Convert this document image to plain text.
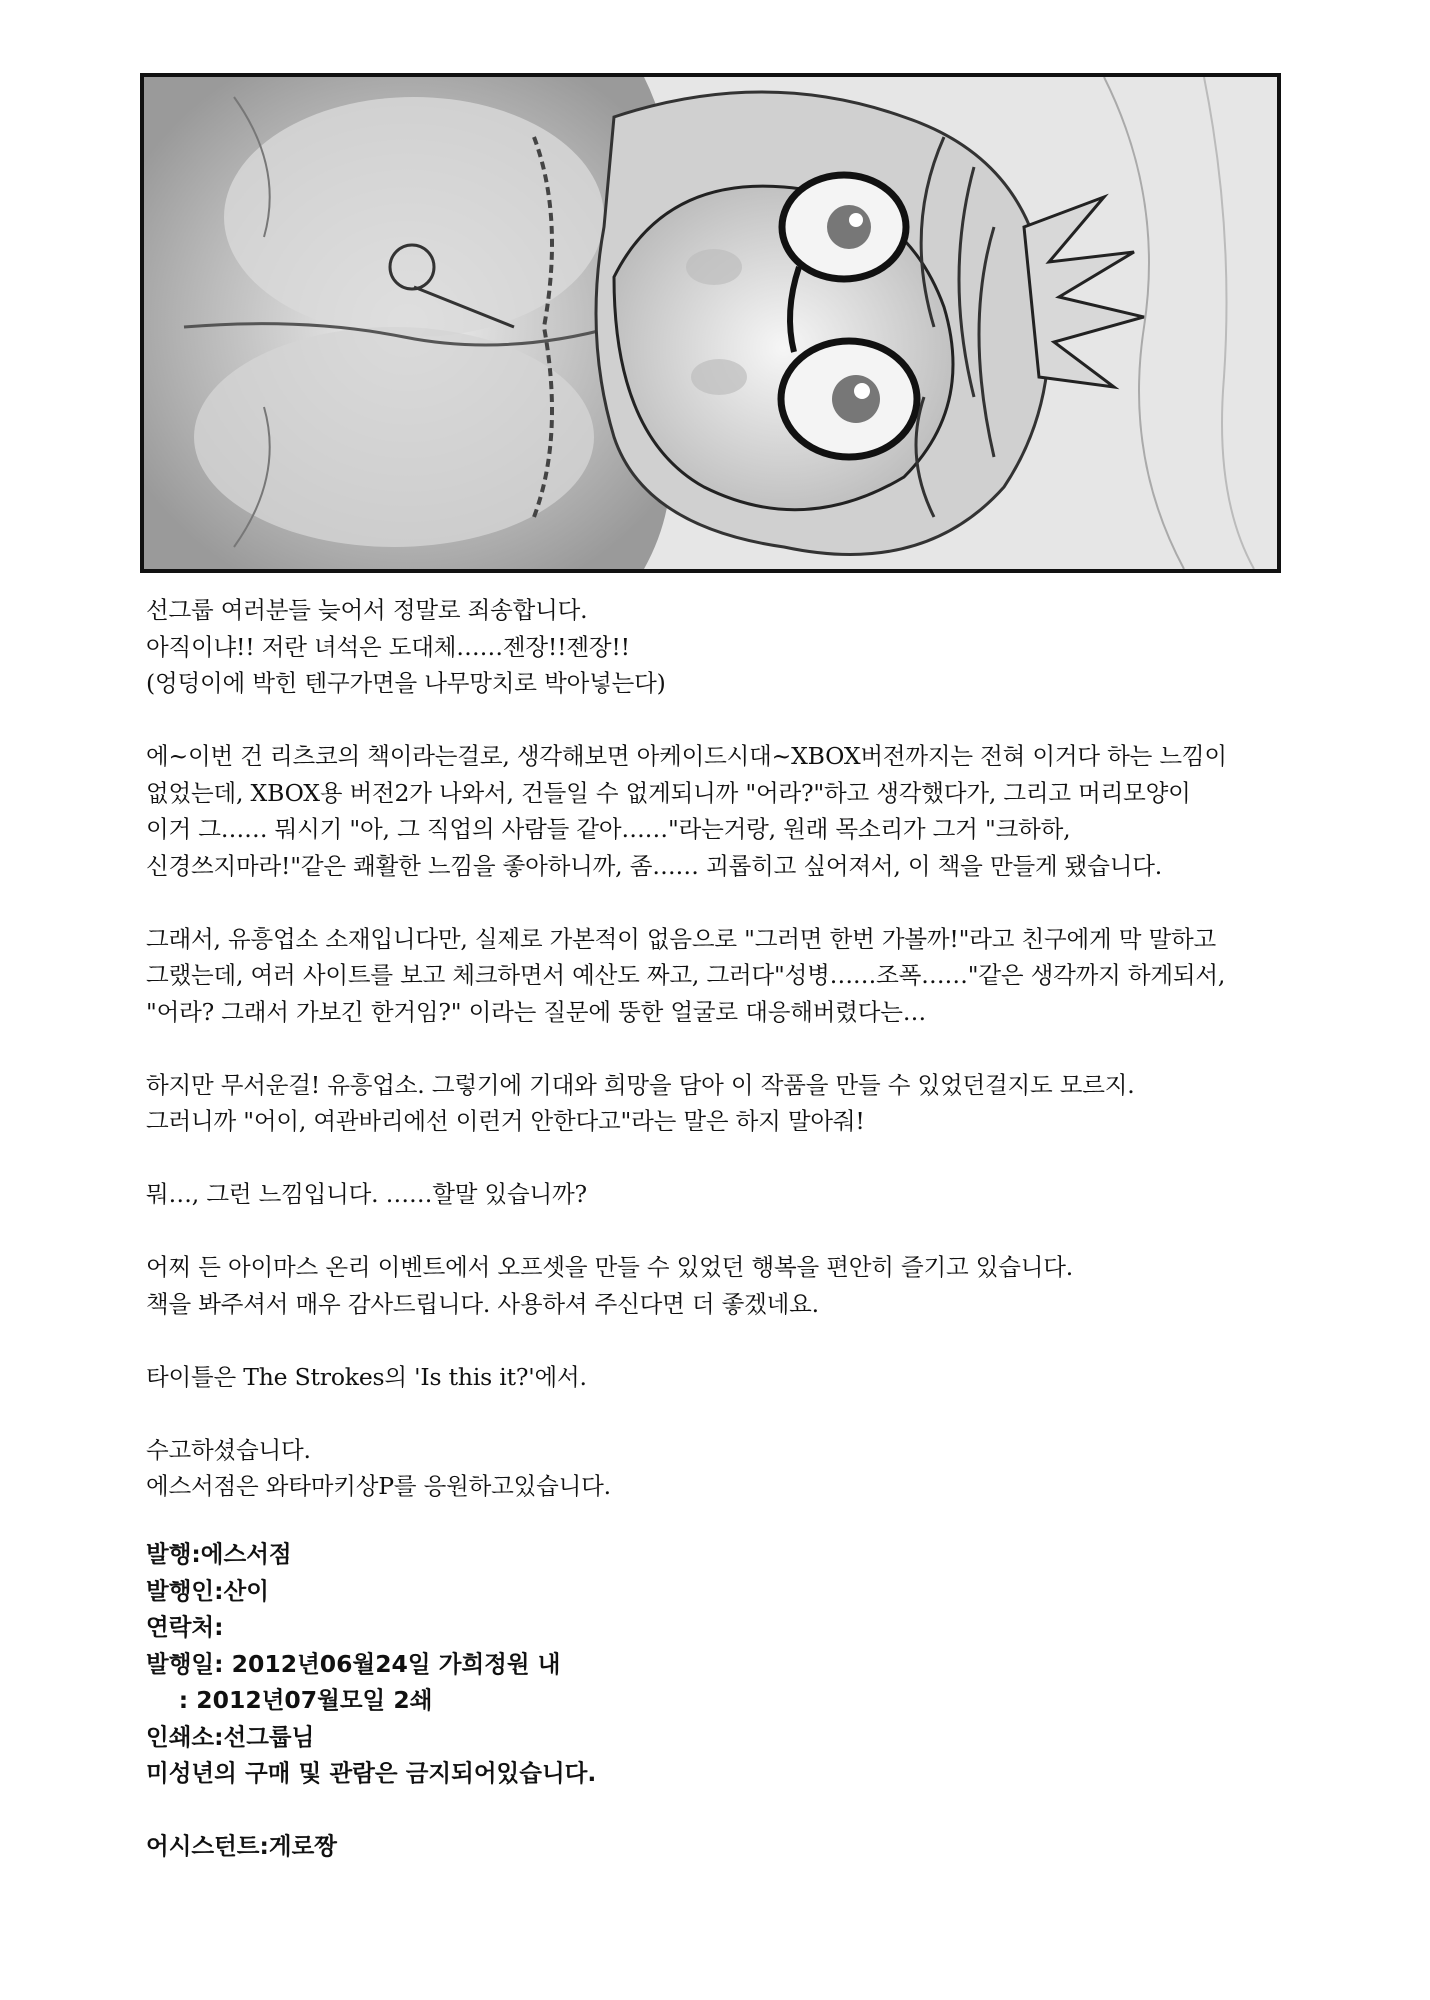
선그룹 여러분들 늦어서 정말로 죄송합니다.
아직이냐!! 저란 녀석은 도대체……젠장!!젠장!!
(엉덩이에 박힌 텐구가면을 나무망치로 박아넣는다)

에~이번 건 리츠코의 책이라는걸로, 생각해보면 아케이드시대~XBOX버전까지는 전혀 이거다 하는 느낌이
없었는데, XBOX용 버전2가 나와서, 건들일 수 없게되니까 "어라?"하고 생각했다가, 그리고 머리모양이
이거 그…… 뭐시기 "아, 그 직업의 사람들 같아……"라는거랑, 원래 목소리가 그거 "크하하,
신경쓰지마라!"같은 쾌활한 느낌을 좋아하니까, 좀…… 괴롭히고 싶어져서, 이 책을 만들게 됐습니다.

그래서, 유흥업소 소재입니다만, 실제로 가본적이 없음으로 "그러면 한번 가볼까!"라고 친구에게 막 말하고
그랬는데, 여러 사이트를 보고 체크하면서 예산도 짜고, 그러다"성병……조폭……"같은 생각까지 하게되서,
"어라? 그래서 가보긴 한거임?" 이라는 질문에 뚱한 얼굴로 대응해버렸다는…

하지만 무서운걸! 유흥업소. 그렇기에 기대와 희망을 담아 이 작품을 만들 수 있었던걸지도 모르지.
그러니까 "어이, 여관바리에선 이런거 안한다고"라는 말은 하지 말아줘!

뭐…, 그런 느낌입니다. ……할말 있습니까?

어찌 든 아이마스 온리 이벤트에서 오프셋을 만들 수 있었던 행복을 편안히 즐기고 있습니다.
책을 봐주셔서 매우 감사드립니다. 사용하셔 주신다면 더 좋겠네요.

타이틀은 The Strokes의 'Is this it?'에서.

수고하셨습니다.
에스서점은 와타마키상P를 응원하고있습니다.

발행:에스서점
발행인:산이
연락처:
발행일: 2012년06월24일 가희정원 내
: 2012년07월모일 2쇄
인쇄소:선그룹님
미성년의 구매 및 관람은 금지되어있습니다.
어시스턴트:게로짱
